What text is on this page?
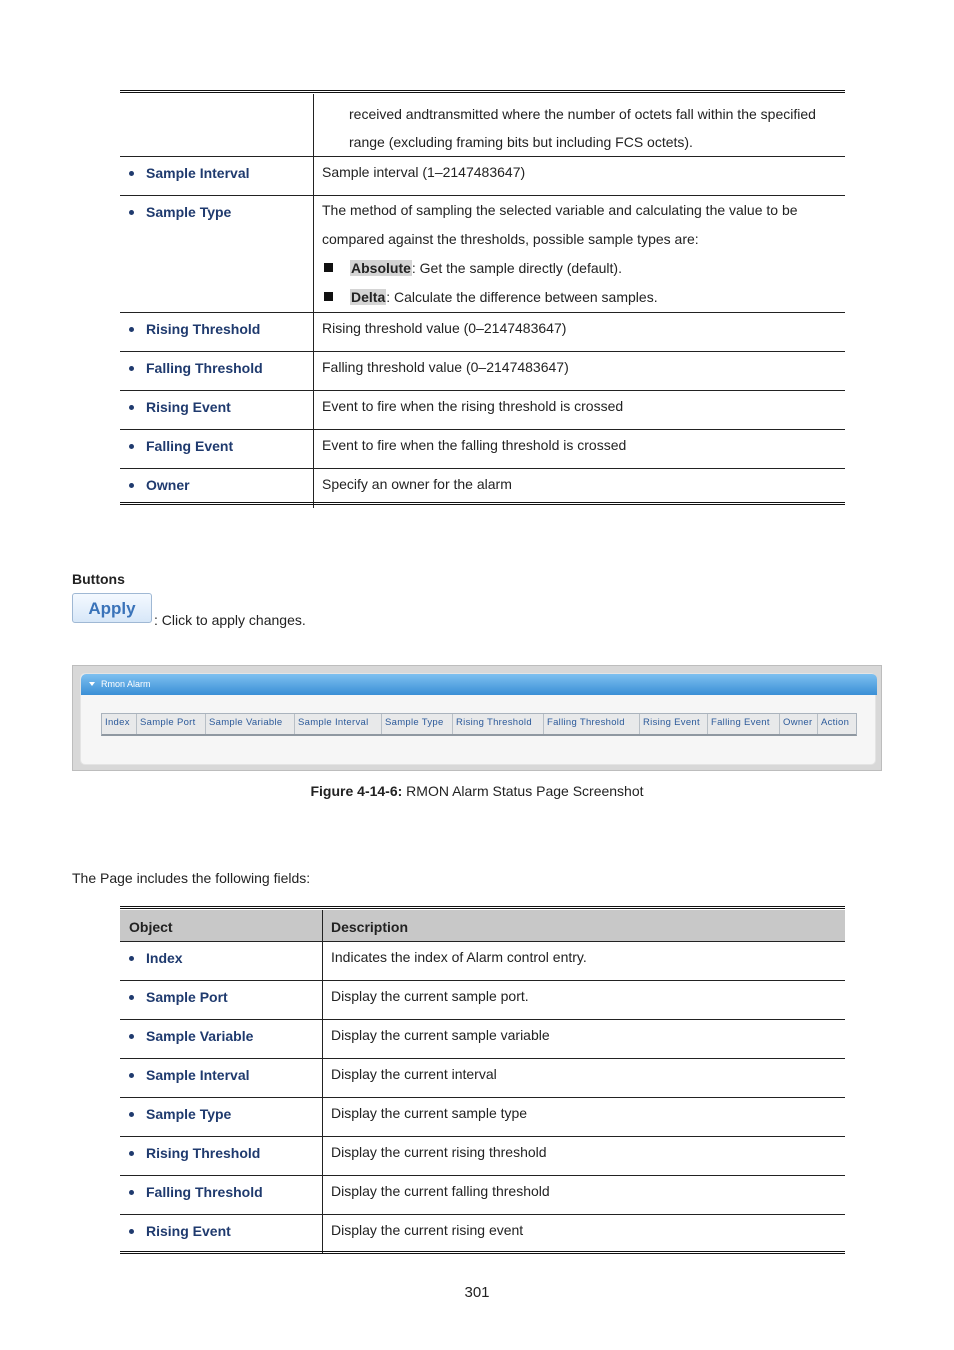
	received andtransmitted where the number of octets fall within the specified
range (excluding framing bits but including FCS octets).

Sample Interval	Sample interval (1–2147483647)

Sample Type	The method of sampling the selected variable and calculating the value to be
compared against the thresholds, possible sample types are:
Absolute: Get the sample directly (default).
Delta: Calculate the difference between samples.

Rising Threshold	Rising threshold value (0–2147483647)

Falling Threshold	Falling threshold value (0–2147483647)

Rising Event	Event to fire when the rising threshold is crossed

Falling Event	Event to fire when the falling threshold is crossed

Owner	Specify an owner for the alarm
Buttons
Apply
: Click to apply changes.
Rmon Alarm
Index	Sample Port	Sample Variable	Sample Interval	Sample Type	Rising Threshold	Falling Threshold	Rising Event	Falling Event	Owner Action
Figure 4-14-6: RMON Alarm Status Page Screenshot
The Page includes the following fields:
Object	Description

Index	Indicates the index of Alarm control entry.

Sample Port	Display the current sample port.

Sample Variable	Display the current sample variable

Sample Interval	Display the current interval

Sample Type	Display the current sample type

Rising Threshold	Display the current rising threshold

Falling Threshold	Display the current falling threshold

Rising Event	Display the current rising event
301
